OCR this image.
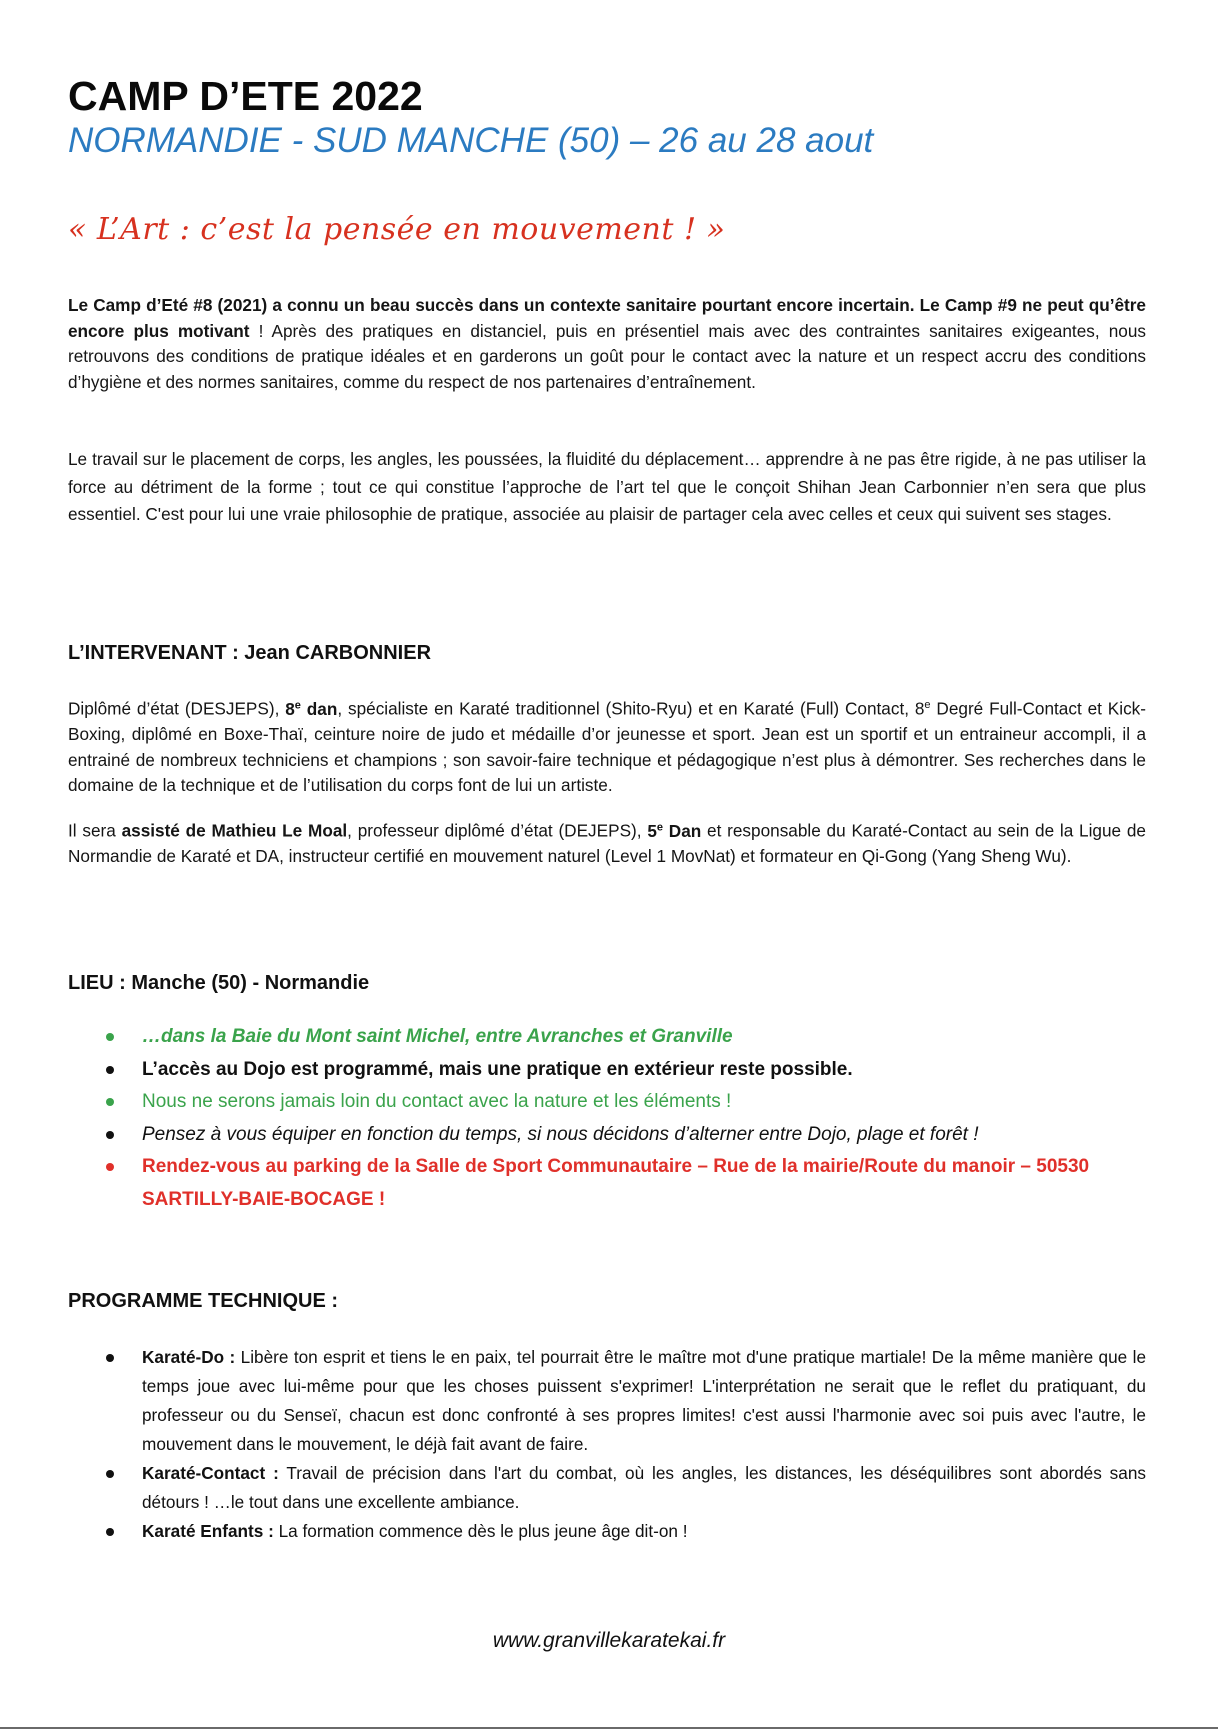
CAMP D’ETE 2022
NORMANDIE - SUD MANCHE (50) – 26 au 28 aout
« L’Art : c’est la pensée en mouvement ! »

Le Camp d’Eté #8 (2021) a connu un beau succès dans un contexte sanitaire pourtant encore incertain. Le Camp #9 ne peut qu’être encore plus motivant ! Après des pratiques en distanciel, puis en présentiel mais avec des contraintes sanitaires exigeantes, nous retrouvons des conditions de pratique idéales et en garderons un goût pour le contact avec la nature et un respect accru des conditions d’hygiène et des normes sanitaires, comme du respect de nos partenaires d’entraînement.

Le travail sur le placement de corps, les angles, les poussées, la fluidité du déplacement… apprendre à ne pas être rigide, à ne pas utiliser la force au détriment de la forme ; tout ce qui constitue l’approche de l’art tel que le conçoit Shihan Jean Carbonnier n’en sera que plus essentiel. C'est pour lui une vraie philosophie de pratique, associée au plaisir de partager cela avec celles et ceux qui suivent ses stages.

L’INTERVENANT : Jean CARBONNIER

Diplômé d’état (DESJEPS), 8e dan, spécialiste en Karaté traditionnel (Shito-Ryu) et en Karaté (Full) Contact, 8e Degré Full-Contact et Kick-Boxing, diplômé en Boxe-Thaï, ceinture noire de judo et médaille d’or jeunesse et sport. Jean est un sportif et un entraineur accompli, il a entrainé de nombreux techniciens et champions ; son savoir-faire technique et pédagogique n’est plus à démontrer. Ses recherches dans le domaine de la technique et de l’utilisation du corps font de lui un artiste.

Il sera assisté de Mathieu Le Moal, professeur diplômé d’état (DEJEPS), 5e Dan et responsable du Karaté-Contact au sein de la Ligue de Normandie de Karaté et DA, instructeur certifié en mouvement naturel (Level 1 MovNat) et formateur en Qi-Gong (Yang Sheng Wu).

LIEU : Manche (50) - Normandie
…dans la Baie du Mont saint Michel, entre Avranches et Granville
L’accès au Dojo est programmé, mais une pratique en extérieur reste possible.
Nous ne serons jamais loin du contact avec la nature et les éléments !
Pensez à vous équiper en fonction du temps, si nous décidons d’alterner entre Dojo, plage et forêt !
Rendez-vous au parking de la Salle de Sport Communautaire – Rue de la mairie/Route du manoir – 50530 SARTILLY-BAIE-BOCAGE !
PROGRAMME TECHNIQUE :
Karaté-Do : Libère ton esprit et tiens le en paix, tel pourrait être le maître mot d'une pratique martiale! De la même manière que le temps joue avec lui-même pour que les choses puissent s'exprimer! L'interprétation ne serait que le reflet du pratiquant, du professeur ou du Senseï, chacun est donc confronté à ses propres limites! c'est aussi l'harmonie avec soi puis avec l'autre, le mouvement dans le mouvement, le déjà fait avant de faire.
Karaté-Contact : Travail de précision dans l'art du combat, où les angles, les distances, les déséquilibres sont abordés sans détours ! …le tout dans une excellente ambiance.
Karaté Enfants : La formation commence dès le plus jeune âge dit-on !
www.granvillekaratekai.fr
